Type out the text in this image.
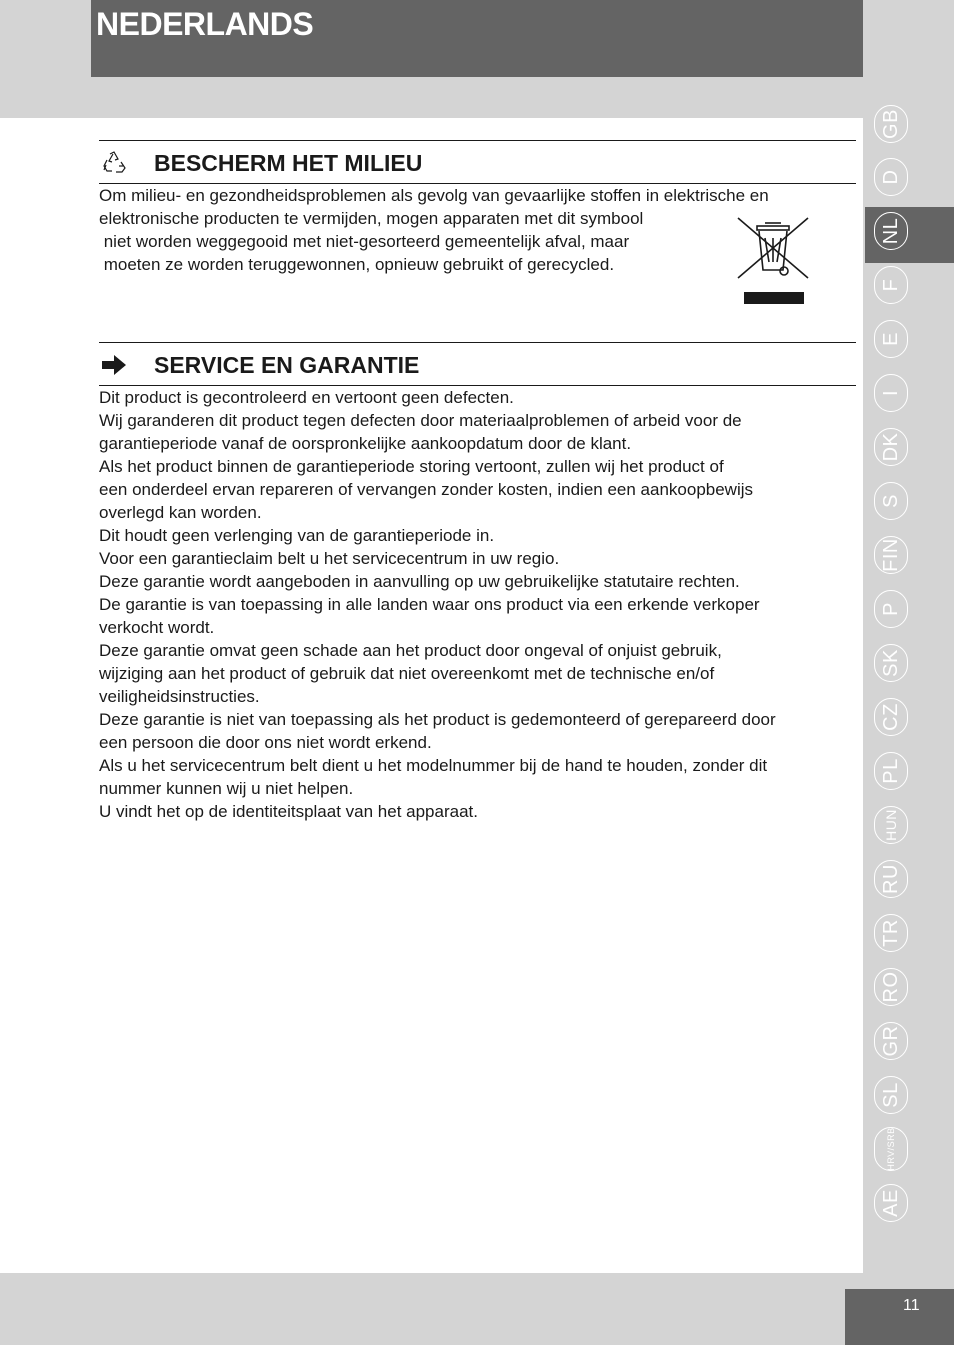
NEDERLANDS
BESCHERM HET MILIEU

Om milieu- en gezondheidsproblemen als gevolg van gevaarlijke stoffen in elektrische en

elektronische producten te vermijden, mogen apparaten met dit symbool

niet worden weggegooid met niet-gesorteerd gemeentelijk afval, maar

moeten ze worden teruggewonnen, opnieuw gebruikt of gerecycled.

SERVICE EN GARANTIE

Dit product is gecontroleerd en vertoont geen defecten.

Wij garanderen dit product tegen defecten door materiaalproblemen of arbeid voor de

garantieperiode vanaf de oorspronkelijke aankoopdatum door de klant.

Als het product binnen de garantieperiode storing vertoont, zullen wij het product of

een onderdeel ervan repareren of vervangen zonder kosten, indien een aankoopbewijs

overlegd kan worden.

Dit houdt geen verlenging van de garantieperiode in.

Voor een garantieclaim belt u het servicecentrum in uw regio.

Deze garantie wordt aangeboden in aanvulling op uw gebruikelijke statutaire rechten.

De garantie is van toepassing in alle landen waar ons product via een erkende verkoper

verkocht wordt.

Deze garantie omvat geen schade aan het product door ongeval of onjuist gebruik,

wijziging aan het product of gebruik dat niet overeenkomt met de technische en/of

veiligheidsinstructies.

Deze garantie is niet van toepassing als het product is gedemonteerd of gerepareerd door

een persoon die door ons niet wordt erkend.

Als u het servicecentrum belt dient u het modelnummer bij de hand te houden, zonder dit

nummer kunnen wij u niet helpen.

U vindt het op de identiteitsplaat van het apparaat.

GB
D
NL
F
E
I
DK
S
FIN
P
SK
CZ
PL
HUN
RU
TR
RO
GR
SL
HRV/SRB
AE
11
